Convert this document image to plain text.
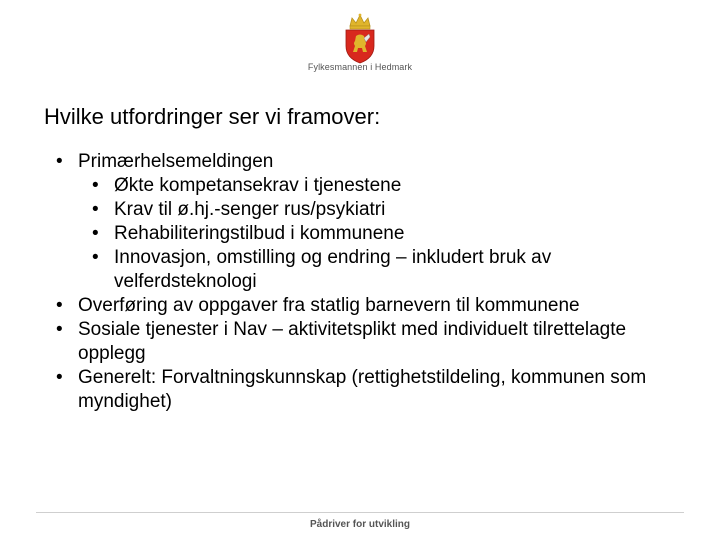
Fylkesmannen i Hedmark
Hvilke utfordringer ser vi framover:
• Primærhelsemeldingen
• Økte kompetansekrav i tjenestene
• Krav til ø.hj.-senger rus/psykiatri
• Rehabiliteringstilbud i kommunene
• Innovasjon, omstilling og endring – inkludert bruk av velferdsteknologi
• Overføring av oppgaver fra statlig barnevern til kommunene
• Sosiale tjenester i Nav – aktivitetsplikt med individuelt tilrettelagte opplegg
• Generelt: Forvaltningskunnskap (rettighetstildeling, kommunen som myndighet)
Pådriver for utvikling
